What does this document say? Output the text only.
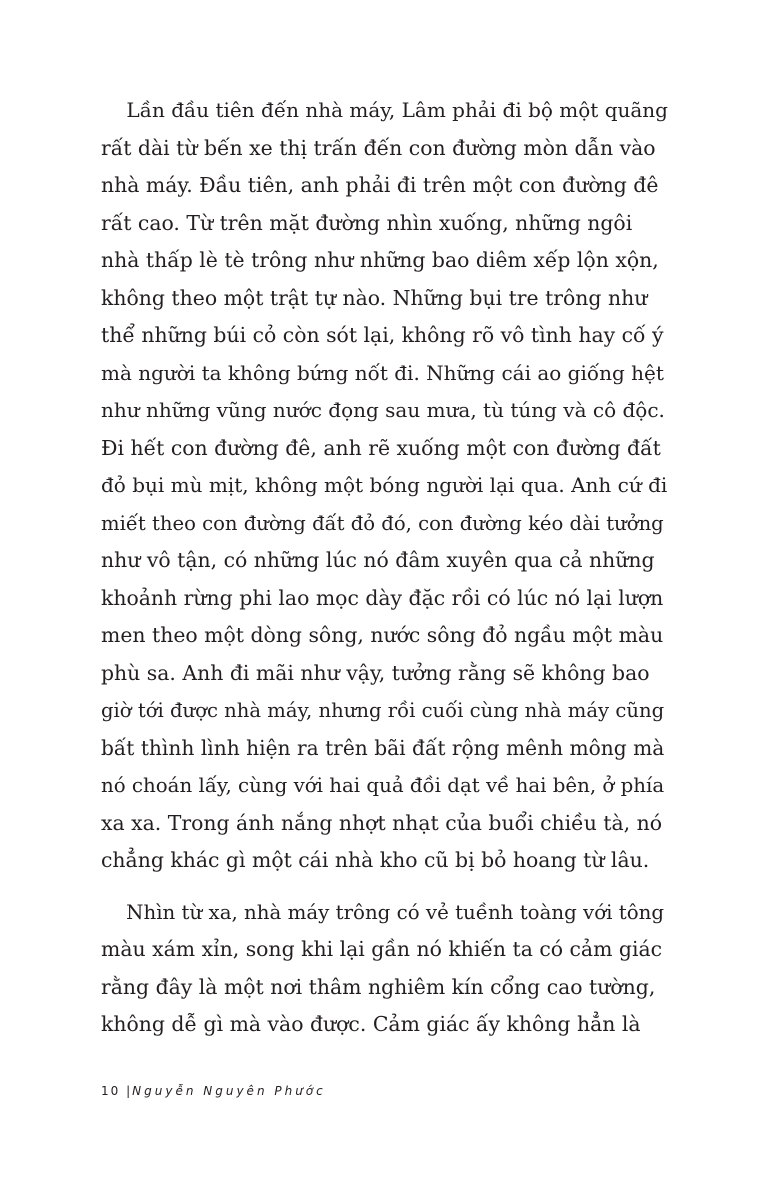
Lần đầu tiên đến nhà máy, Lâm phải đi bộ một quãng
rất dài từ bến xe thị trấn đến con đường mòn dẫn vào
nhà máy. Đầu tiên, anh phải đi trên một con đường đê
rất cao. Từ trên mặt đường nhìn xuống, những ngôi
nhà thấp lè tè trông như những bao diêm xếp lộn xộn,
không theo một trật tự nào. Những bụi tre trông như
thể những búi cỏ còn sót lại, không rõ vô tình hay cố ý
mà người ta không bứng nốt đi. Những cái ao giống hệt
như những vũng nước đọng sau mưa, tù túng và cô độc.
Đi hết con đường đê, anh rẽ xuống một con đường đất
đỏ bụi mù mịt, không một bóng người lại qua. Anh cứ đi
miết theo con đường đất đỏ đó, con đường kéo dài tưởng
như vô tận, có những lúc nó đâm xuyên qua cả những
khoảnh rừng phi lao mọc dày đặc rồi có lúc nó lại lượn
men theo một dòng sông, nước sông đỏ ngầu một màu
phù sa. Anh đi mãi như vậy, tưởng rằng sẽ không bao
giờ tới được nhà máy, nhưng rồi cuối cùng nhà máy cũng
bất thình lình hiện ra trên bãi đất rộng mênh mông mà
nó choán lấy, cùng với hai quả đồi dạt về hai bên, ở phía
xa xa. Trong ánh nắng nhợt nhạt của buổi chiều tà, nó
chẳng khác gì một cái nhà kho cũ bị bỏ hoang từ lâu.

Nhìn từ xa, nhà máy trông có vẻ tuềnh toàng với tông
màu xám xỉn, song khi lại gần nó khiến ta có cảm giác
rằng đây là một nơi thâm nghiêm kín cổng cao tường,
không dễ gì mà vào được. Cảm giác ấy không hẳn là

10 |Nguyễn Nguyên Phước
